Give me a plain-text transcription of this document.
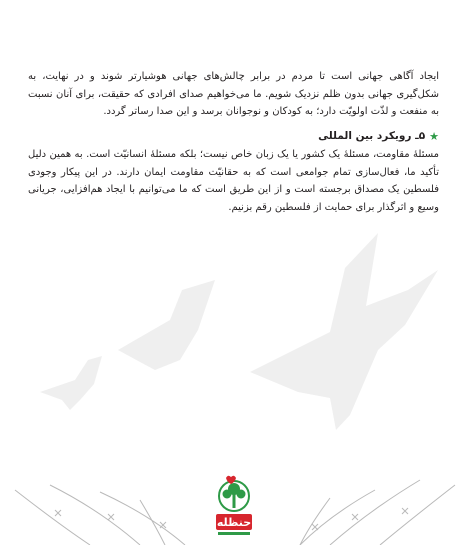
ایجاد آگاهی جهانی است تا مردم در برابر چالش‌های جهانی هوشیارتر شوند و در نهایت، به شکل‌گیری جهانی بدون ظلم نزدیک شویم. ما می‌خواهیم صدای افرادی که حقیقت، برای آنان نسبت به منفعت و لذّت اولویّت دارد؛ به کودکان و نوجوانان برسد و این صدا رساتر گردد.

★
۵ـ رویکرد بین المللی

مسئلهٔ مقاومت، مسئلهٔ یک کشور یا یک زبان خاص نیست؛ بلکه مسئلهٔ انسانیّت است. به همین دلیل تأکید ما، فعال‌سازی تمام جوامعی است که به حقانیّت مقاومت ایمان دارند. در این پیکار وجودی فلسطین یک مصداق برجسته است و از این طریق است که ما می‌توانیم با ایجاد هم‌افزایی، جریانی وسیع و اثرگذار برای حمایت از فلسطین رقم بزنیم.

حنظله
